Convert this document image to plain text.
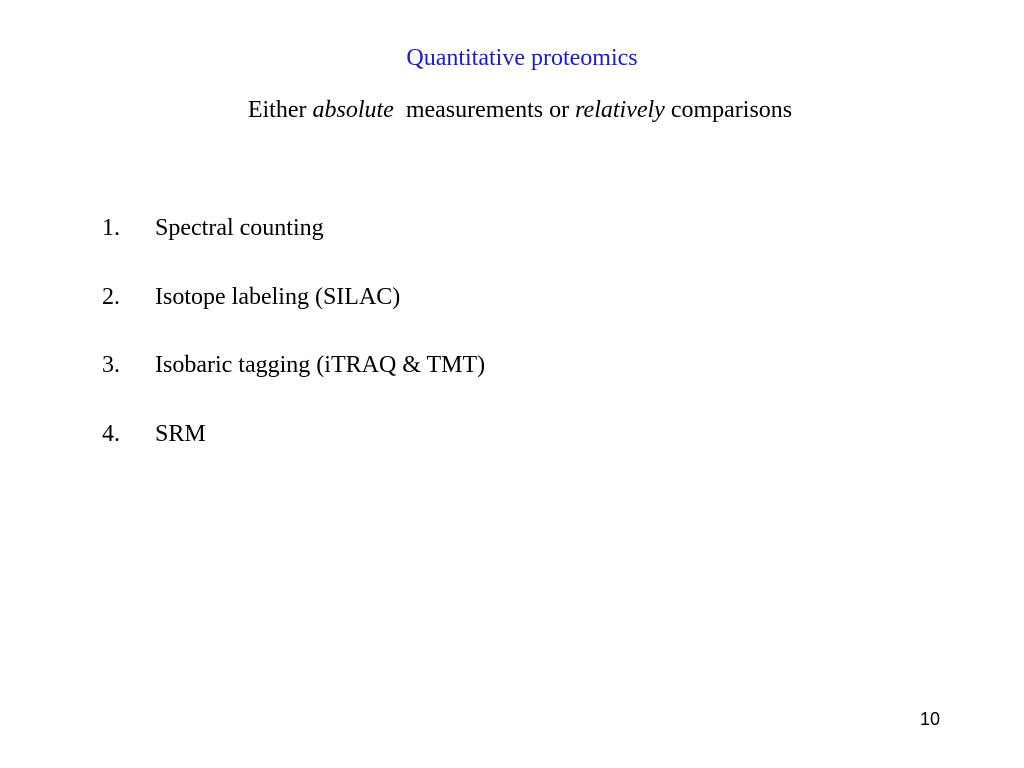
Quantitative proteomics
Either absolute measurements or relatively comparisons
1. Spectral counting
2. Isotope labeling (SILAC)
3. Isobaric tagging (iTRAQ & TMT)
4. SRM
10
